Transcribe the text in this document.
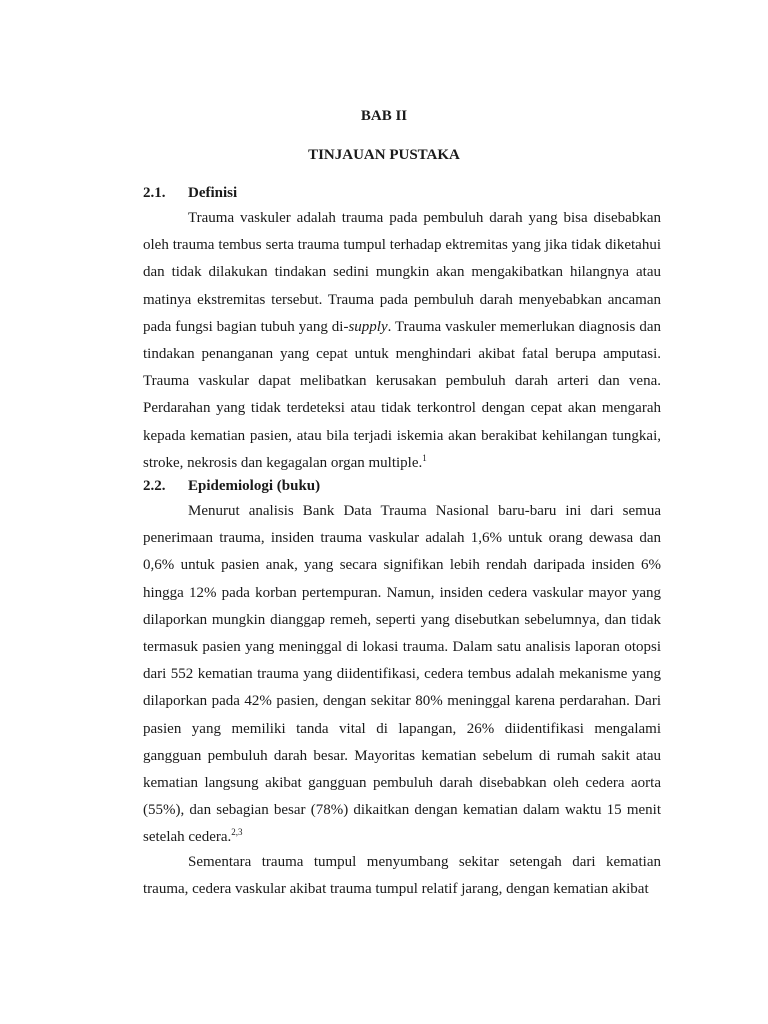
BAB II
TINJAUAN PUSTAKA
2.1. Definisi

Trauma vaskuler adalah trauma pada pembuluh darah yang bisa disebabkan oleh trauma tembus serta trauma tumpul terhadap ektremitas yang jika tidak diketahui dan tidak dilakukan tindakan sedini mungkin akan mengakibatkan hilangnya atau matinya ekstremitas tersebut. Trauma pada pembuluh darah menyebabkan ancaman pada fungsi bagian tubuh yang di-supply. Trauma vaskuler memerlukan diagnosis dan tindakan penanganan yang cepat untuk menghindari akibat fatal berupa amputasi. Trauma vaskular dapat melibatkan kerusakan pembuluh darah arteri dan vena. Perdarahan yang tidak terdeteksi atau tidak terkontrol dengan cepat akan mengarah kepada kematian pasien, atau bila terjadi iskemia akan berakibat kehilangan tungkai, stroke, nekrosis dan kegagalan organ multiple.$^1$

2.2. Epidemiologi (buku)

Menurut analisis Bank Data Trauma Nasional baru-baru ini dari semua penerimaan trauma, insiden trauma vaskular adalah 1,6% untuk orang dewasa dan 0,6% untuk pasien anak, yang secara signifikan lebih rendah daripada insiden 6% hingga 12% pada korban pertempuran. Namun, insiden cedera vaskular mayor yang dilaporkan mungkin dianggap remeh, seperti yang disebutkan sebelumnya, dan tidak termasuk pasien yang meninggal di lokasi trauma. Dalam satu analisis laporan otopsi dari 552 kematian trauma yang diidentifikasi, cedera tembus adalah mekanisme yang dilaporkan pada 42% pasien, dengan sekitar 80% meninggal karena perdarahan. Dari pasien yang memiliki tanda vital di lapangan, 26% diidentifikasi mengalami gangguan pembuluh darah besar. Mayoritas kematian sebelum di rumah sakit atau kematian langsung akibat gangguan pembuluh darah disebabkan oleh cedera aorta (55%), dan sebagian besar (78%) dikaitkan dengan kematian dalam waktu 15 menit setelah cedera.$^{2,3}$

Sementara trauma tumpul menyumbang sekitar setengah dari kematian trauma, cedera vaskular akibat trauma tumpul relatif jarang, dengan kematian akibat
